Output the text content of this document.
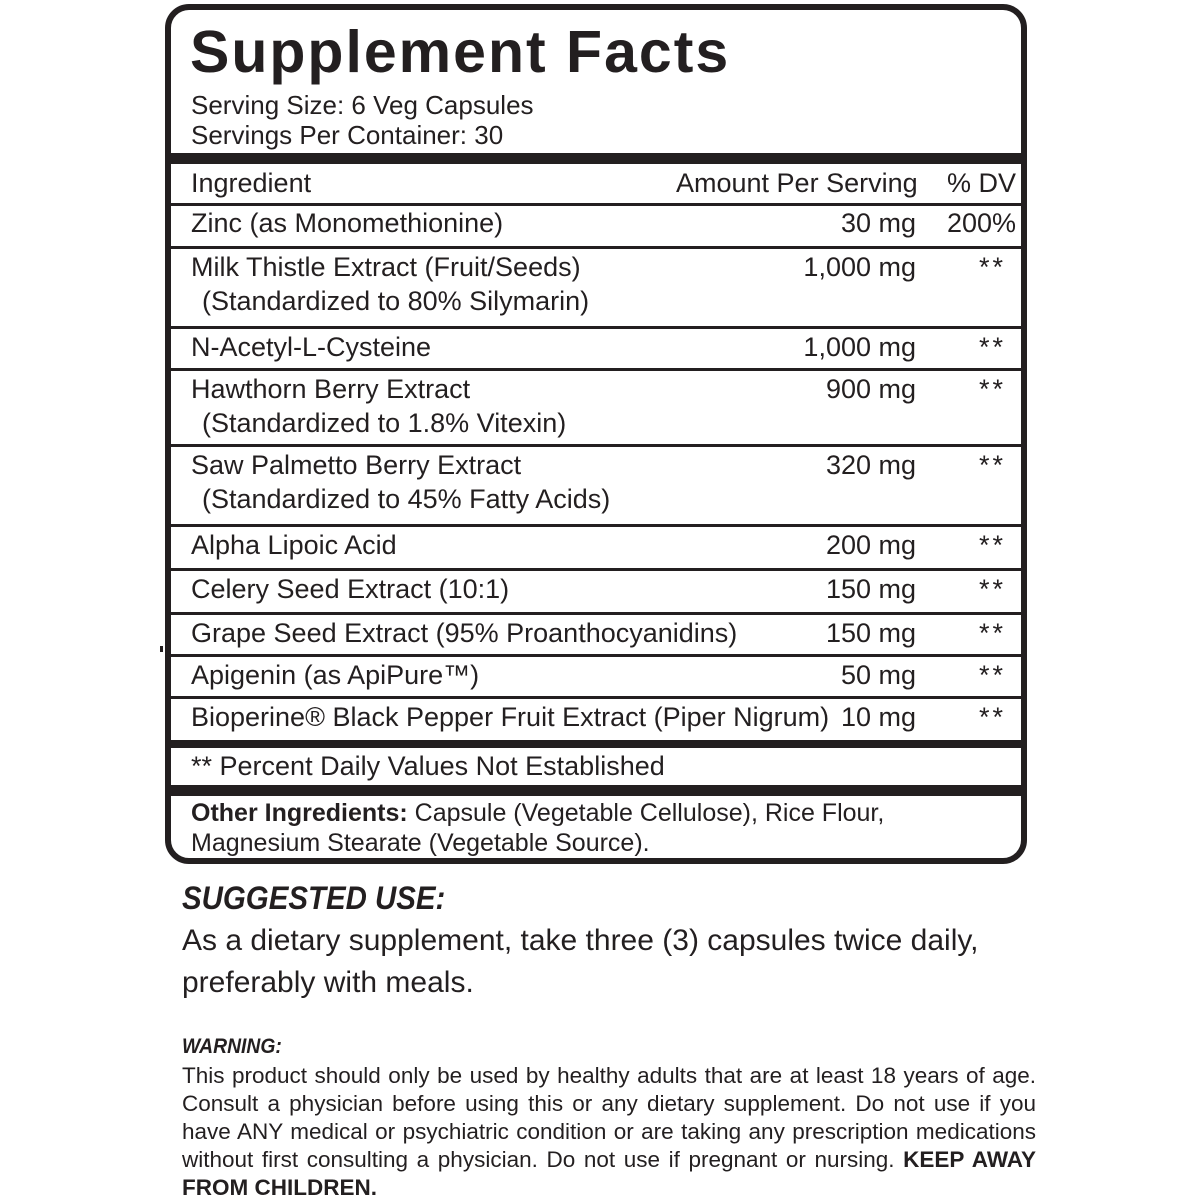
Supplement Facts
Serving Size: 6 Veg Capsules
Servings Per Container: 30
Ingredient	Amount Per Serving	% DV
Zinc (as Monomethionine)	30 mg	200%
Milk Thistle Extract (Fruit/Seeds)
(Standardized to 80% Silymarin)
1,000 mg	**
N-Acetyl-L-Cysteine	1,000 mg	**
Hawthorn Berry Extract
(Standardized to 1.8% Vitexin)
900 mg	**
Saw Palmetto Berry Extract
(Standardized to 45% Fatty Acids)
320 mg	**
Alpha Lipoic Acid	200 mg	**
Celery Seed Extract (10:1)	150 mg	**
Grape Seed Extract (95% Proanthocyanidins)	150 mg	**
Apigenin (as ApiPure™)	50 mg	**
Bioperine® Black Pepper Fruit Extract (Piper Nigrum) 10 mg	**
** Percent Daily Values Not Established
Other Ingredients: Capsule (Vegetable Cellulose), Rice Flour,
Magnesium Stearate (Vegetable Source).
SUGGESTED USE:
As a dietary supplement, take three (3) capsules twice daily, preferably with meals.
WARNING:
This product should only be used by healthy adults that are at least 18 years of age. Consult a physician before using this or any dietary supplement. Do not use if you have ANY medical or psychiatric condition or are taking any prescription medications without first consulting a physician. Do not use if pregnant or nursing. KEEP AWAY FROM CHILDREN.
